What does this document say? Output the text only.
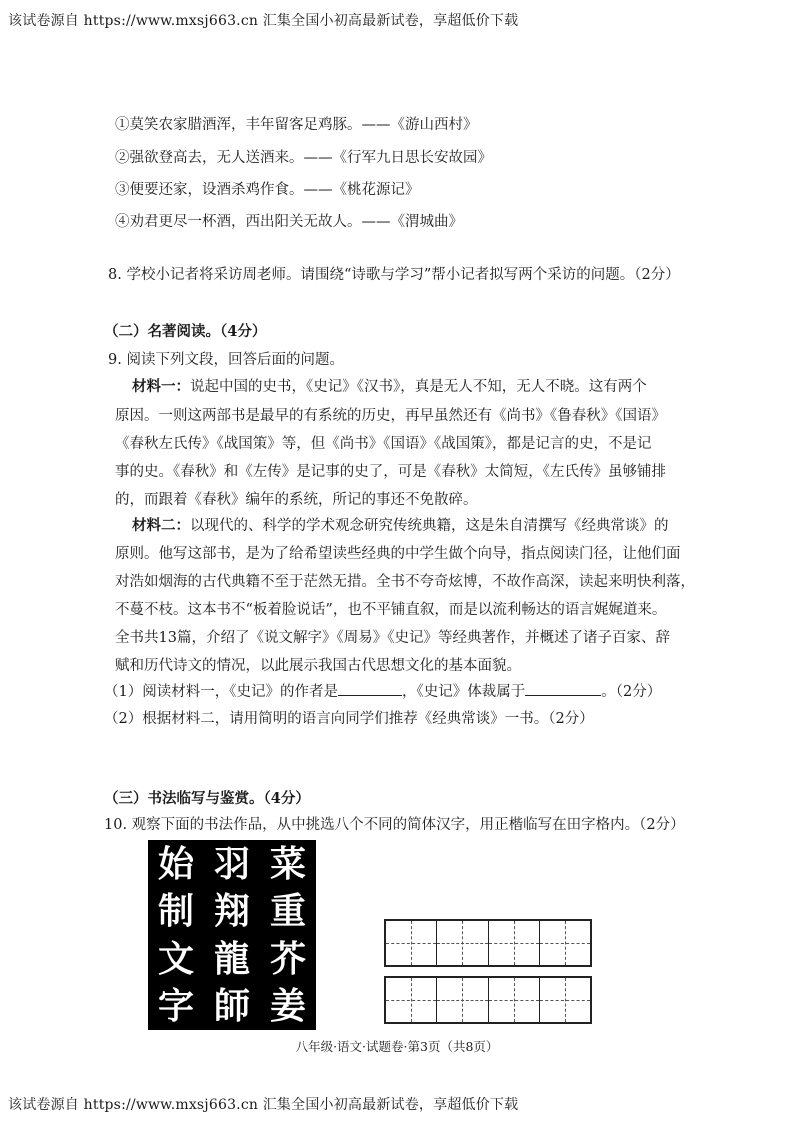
该试卷源自 https://www.mxsj663.cn 汇集全国小初高最新试卷，享超低价下载
①莫笑农家腊酒浑，丰年留客足鸡豚。——《游山西村》
②强欲登高去，无人送酒来。——《行军九日思长安故园》
③便要还家，设酒杀鸡作食。——《桃花源记》
④劝君更尽一杯酒，西出阳关无故人。——《渭城曲》
8. 学校小记者将采访周老师。请围绕“诗歌与学习”帮小记者拟写两个采访的问题。（2分）
（二）名著阅读。（4分）
9. 阅读下列文段，回答后面的问题。
材料一：说起中国的史书，《史记》《汉书》，真是无人不知，无人不晓。这有两个
原因。一则这两部书是最早的有系统的历史，再早虽然还有《尚书》《鲁春秋》《国语》
《春秋左氏传》《战国策》等，但《尚书》《国语》《战国策》，都是记言的史，不是记
事的史。《春秋》和《左传》是记事的史了，可是《春秋》太简短，《左氏传》虽够铺排
的，而跟着《春秋》编年的系统，所记的事还不免散碎。
材料二：以现代的、科学的学术观念研究传统典籍，这是朱自清撰写《经典常谈》的
原则。他写这部书，是为了给希望读些经典的中学生做个向导，指点阅读门径，让他们面
对浩如烟海的古代典籍不至于茫然无措。全书不夸奇炫博，不故作高深，读起来明快利落，
不蔓不枝。这本书不“板着脸说话”，也不平铺直叙，而是以流利畅达的语言娓娓道来。
全书共13篇，介绍了《说文解字》《周易》《史记》等经典著作，并概述了诸子百家、辞
赋和历代诗文的情况，以此展示我国古代思想文化的基本面貌。
（1）阅读材料一，《史记》的作者是	，《史记》体裁属于	。（2分）
（2）根据材料二，请用简明的语言向同学们推荐《经典常谈》一书。（2分）
（三）书法临写与鉴赏。（4分）
10. 观察下面的书法作品，从中挑选八个不同的简体汉字，用正楷临写在田字格内。（2分）
始 羽 菜
制 翔 重
文 龍 芥
字 師 姜
八年级·语文·试题卷·第3页（共8页）
该试卷源自 https://www.mxsj663.cn 汇集全国小初高最新试卷，享超低价下载
